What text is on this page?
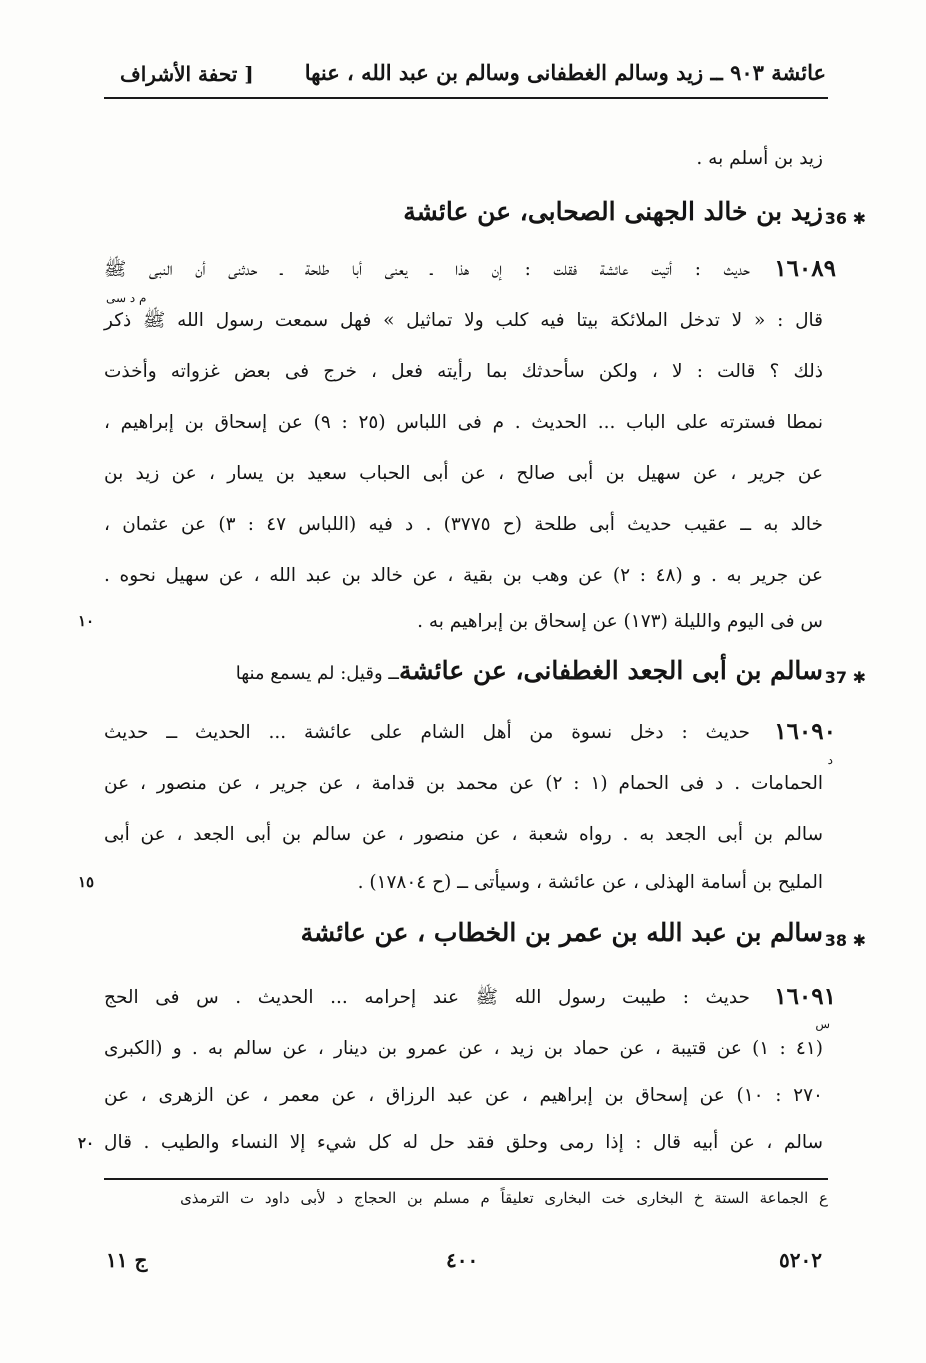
عائشة ٩٠٣ ــ زيد وسالم الغطفانى وسالم بن عبد الله ، عنها
[ تحفة الأشراف
زيد بن أسلم به .
36 ✱
زيد بن خالد الجهنى الصحابى، عن عائشة
١٦٠٨٩
م د سى
حديث : أتيت عائشة فقلت : إن هذا ـ يعنى أبا طلحة ـ حدثنى أن النبى ﷺ
قال : « لا تدخل الملائكة بيتا فيه كلب ولا تماثيل » فهل سمعت رسول الله ﷺ ذكر
ذلك ؟ قالت : لا ، ولكن سأحدثك بما رأيته فعل ، خرج فى بعض غزواته وأخذت
نمطا فسترته على الباب ... الحديث . م فى اللباس (٢٥ : ٩) عن إسحاق بن إبراهيم ،
عن جرير ، عن سهيل بن أبى صالح ، عن أبى الحباب سعيد بن يسار ، عن زيد بن
خالد به ــ عقيب حديث أبى طلحة (ح ٣٧٧٥) . د فيه (اللباس ٤٧ : ٣) عن عثمان ،
عن جرير به . و (٤٨ : ٢) عن وهب بن بقية ، عن خالد بن عبد الله ، عن سهيل نحوه .
س فى اليوم والليلة (١٧٣) عن إسحاق بن إبراهيم به .
١٠
37 ✱
سالم بن أبى الجعد الغطفانى، عن عائشةــ وقيل: لم يسمع منها
١٦٠٩٠
د
حديث : دخل نسوة من أهل الشام على عائشة ... الحديث ــ حديث
الحمامات . د فى الحمام (١ : ٢) عن محمد بن قدامة ، عن جرير ، عن منصور ، عن
سالم بن أبى الجعد به . رواه شعبة ، عن منصور ، عن سالم بن أبى الجعد ، عن أبى
المليح بن أسامة الهذلى ، عن عائشة ، وسيأتى ــ (ح ١٧٨٠٤) .
١٥
38 ✱
سالم بن عبد الله بن عمر بن الخطاب ، عن عائشة
١٦٠٩١
س
حديث : طيبت رسول الله ﷺ عند إحرامه ... الحديث . س فى الحج
(٤١ : ١) عن قتيبة ، عن حماد بن زيد ، عن عمرو بن دينار ، عن سالم به . و (الكبرى
٢٧٠ : ١٠) عن إسحاق بن إبراهيم ، عن عبد الرزاق ، عن معمر ، عن الزهرى ، عن
سالم ، عن أبيه قال : إذا رمى وحلق فقد حل له كل شيء إلا النساء والطيب . قال
٢٠
ع الجماعة الستة خ البخارى خت البخارى تعليقاً م مسلم بن الحجاج د لأبى داود ت الترمذى
٥٢٠٢
٤٠٠
ج ١١
